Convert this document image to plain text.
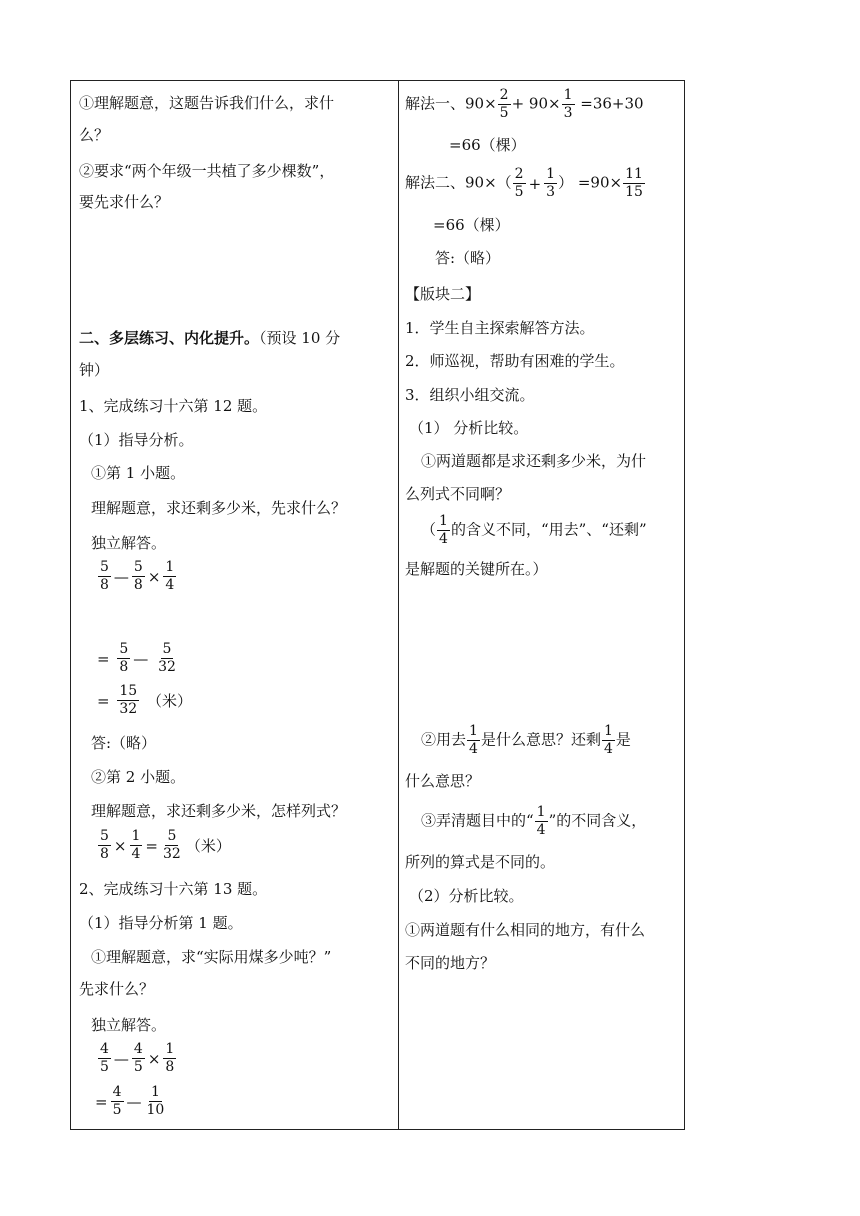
①理解题意，这题告诉我们什么，求什
么？
②要求“两个年级一共植了多少棵数”，
要先求什么？
二、多层练习、内化提升。（预设 10 分
钟）
1、完成练习十六第 12 题。
（1）指导分析。
①第 1 小题。
理解题意，求还剩多少米，先求什么？
独立解答。
$\frac{5}{8}$ — $\frac{5}{8} \times \frac{1}{4}$
= $\frac{5}{8}$ — $\frac{5}{32}$
= $\frac{15}{32}$ （米）
答:（略）
②第 2 小题。
理解题意，求还剩多少米，怎样列式？
$\frac{5}{8} \times \frac{1}{4} = \frac{5}{32}$ （米）
2、完成练习十六第 13 题。
（1）指导分析第 1 题。
①理解题意，求“实际用煤多少吨？”
先求什么？
独立解答。
$\frac{4}{5}$ — $\frac{4}{5} \times \frac{1}{8}$
= $\frac{4}{5}$ — $\frac{1}{10}$
解法一、$90\times \frac{2}{5} + 90\times \frac{1}{3} =36+30$
=66（棵）
解法二、$90\times( \frac{2}{5} + \frac{1}{3}$ ） $=90\times \frac{11}{15}$
=66（棵）
答:（略）
【版块二】
1．学生自主探索解答方法。
2．师巡视，帮助有困难的学生。
3．组织小组交流。
（1） 分析比较。
①两道题都是求还剩多少米，为什
么列式不同啊？
（ $\frac{1}{4}$ 的含义不同，“用去”、“还剩”
是解题的关键所在。）
②用去 $\frac{1}{4}$ 是什么意思？还剩 $\frac{1}{4}$ 是
什么意思？
③弄清题目中的“ $\frac{1}{4}$ ”的不同含义，
所列的算式是不同的。
（2）分析比较。
①两道题有什么相同的地方，有什么
不同的地方？
